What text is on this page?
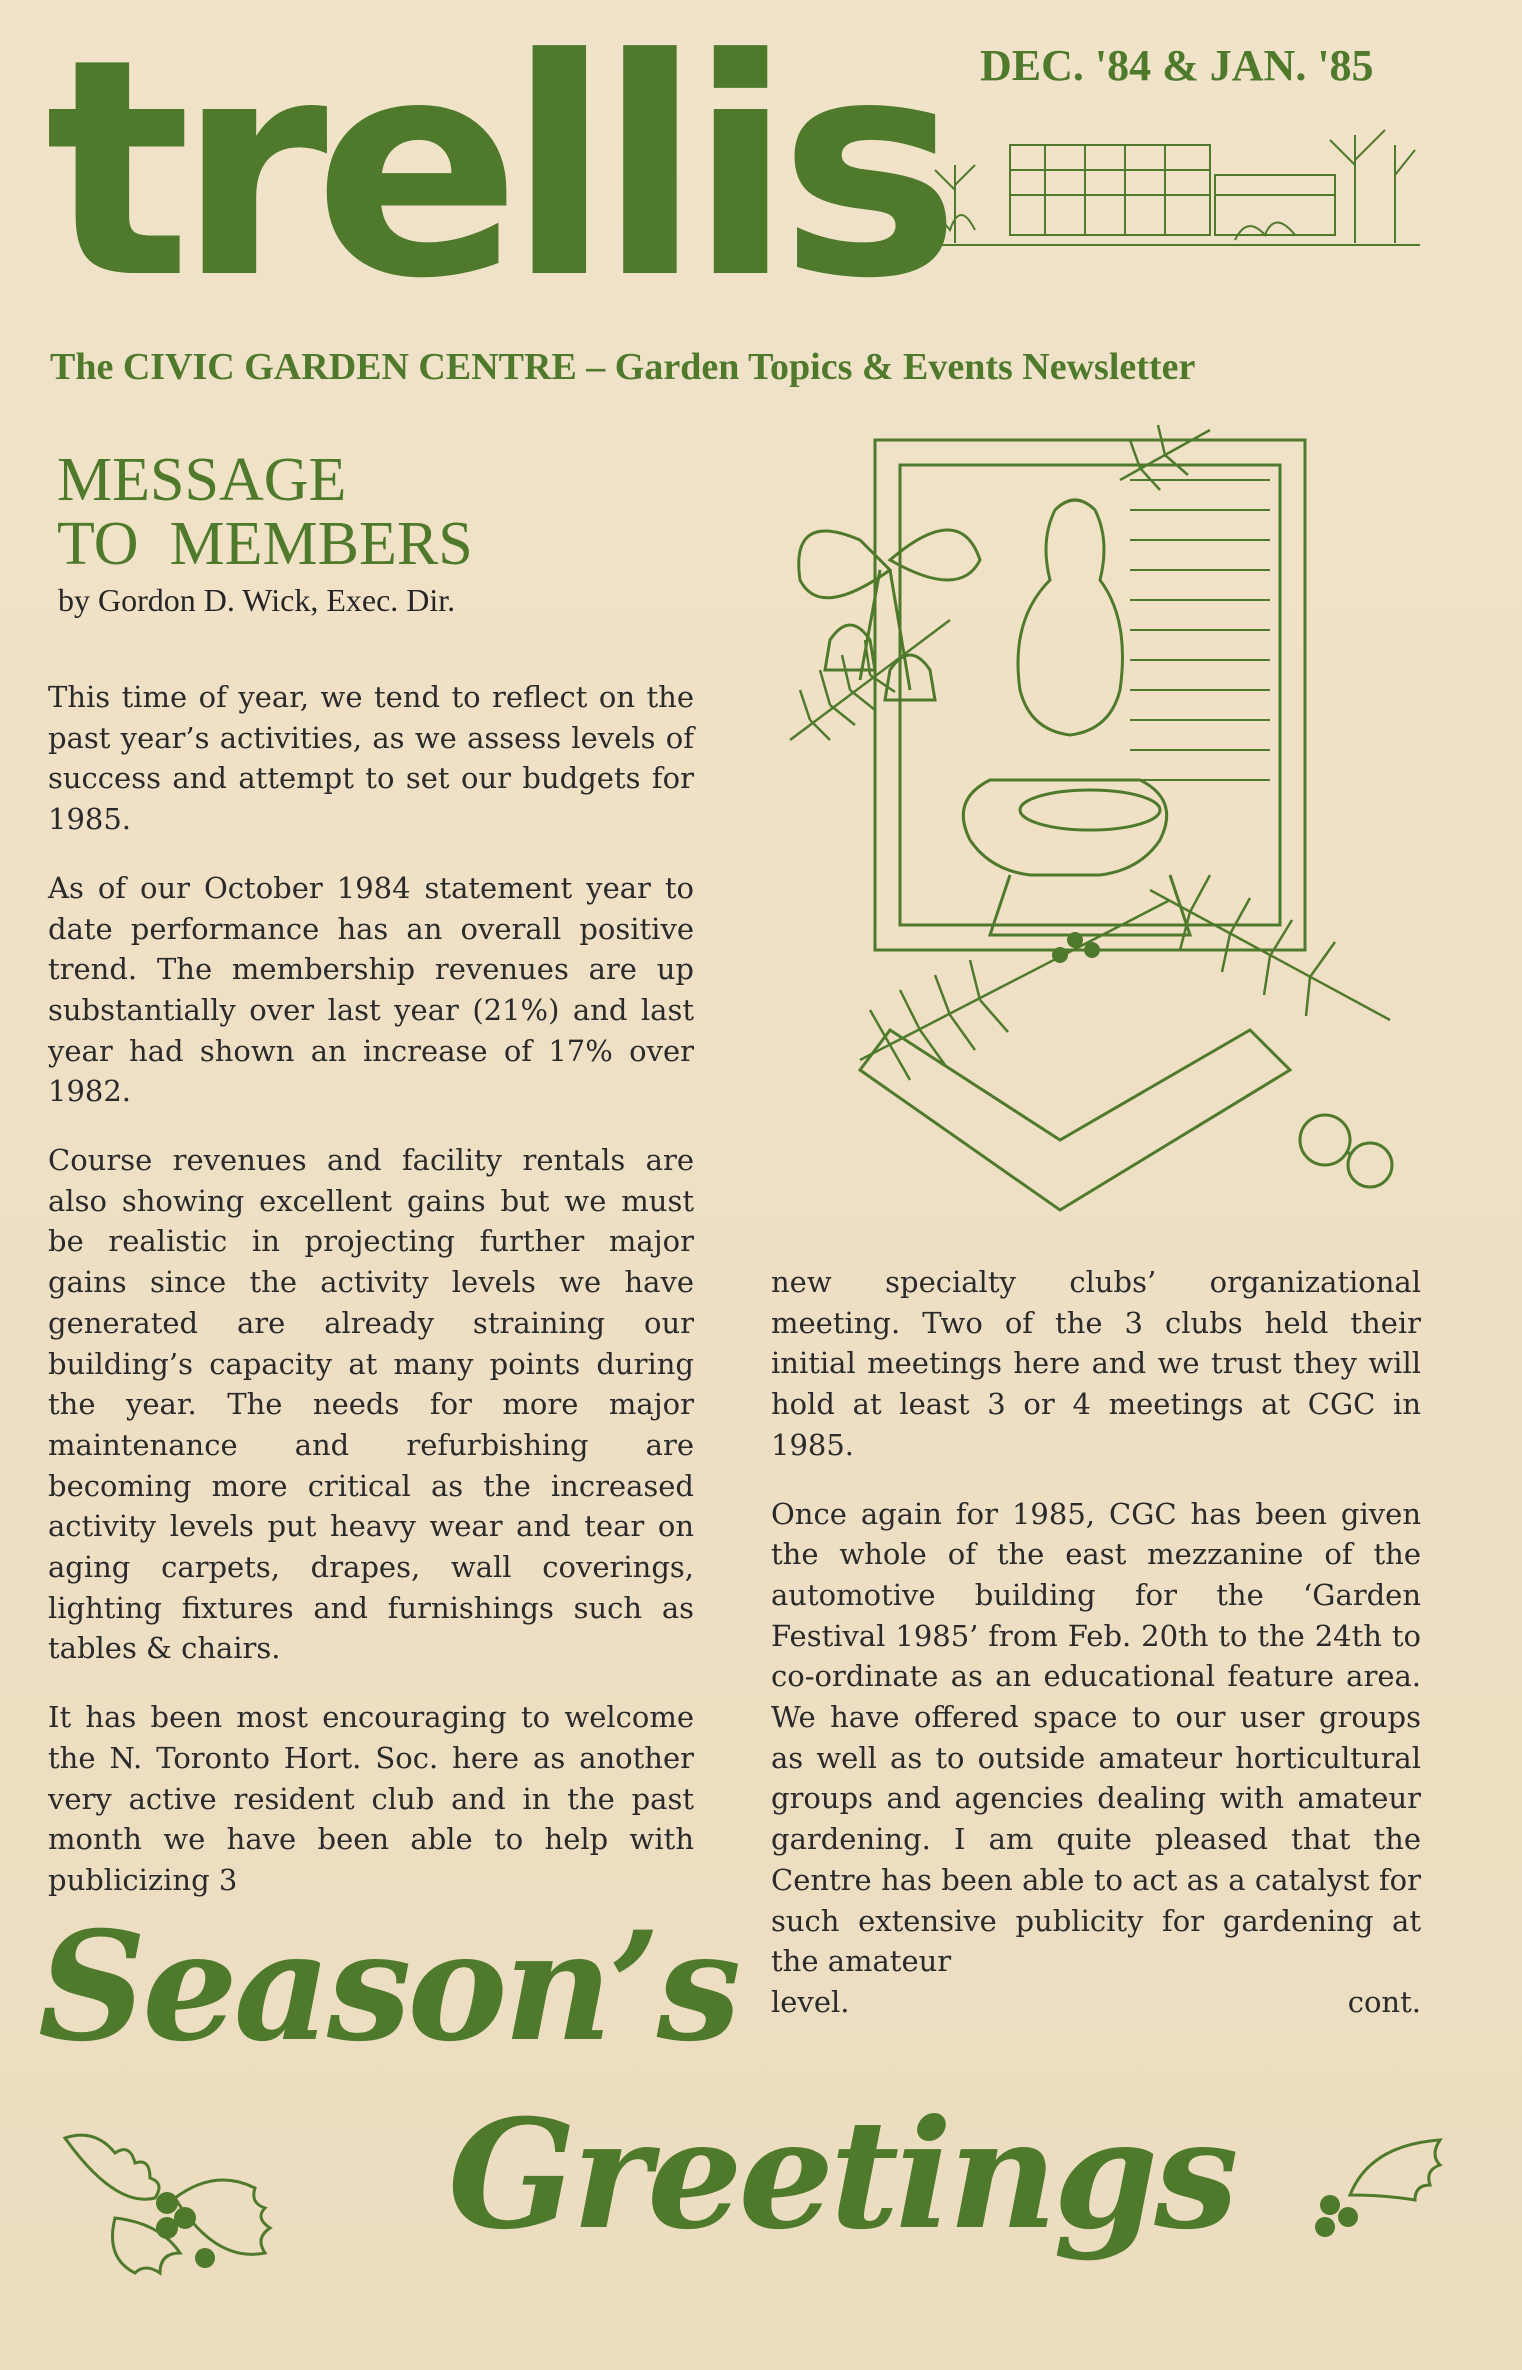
DEC. '84 & JAN. '85
trellis
The CIVIC GARDEN CENTRE – Garden Topics & Events Newsletter
MESSAGE
TO  MEMBERS
by Gordon D. Wick, Exec. Dir.

This time of year, we tend to reflect on the past year’s activities, as we assess levels of success and attempt to set our budgets for 1985.

As of our October 1984 statement year to date performance has an overall positive trend. The membership revenues are up substantially over last year (21%) and last year had shown an increase of 17% over 1982.

Course revenues and facility rentals are also showing excellent gains but we must be realistic in projecting further major gains since the activity levels we have generated are already straining our building’s capacity at many points during the year. The needs for more major maintenance and refurbishing are becoming more critical as the increased activity levels put heavy wear and tear on aging carpets, drapes, wall coverings, lighting fixtures and furnishings such as tables & chairs.

It has been most encouraging to welcome the N. Toronto Hort. Soc. here as another very active resident club and in the past month we have been able to help with publicizing 3

new specialty clubs’ organizational meeting. Two of the 3 clubs held their initial meetings here and we trust they will hold at least 3 or 4 meetings at CGC in 1985.

Once again for 1985, CGC has been given the whole of the east mezzanine of the automotive building for the ‘Garden Festival 1985’ from Feb. 20th to the 24th to co-ordinate as an educational feature area. We have offered space to our user groups as well as to outside amateur horticultural groups and agencies dealing with amateur gardening. I am quite pleased that the Centre has been able to act as a catalyst for such extensive publicity for gardening at the amateur

level.	cont.
Season’s
Greetings
